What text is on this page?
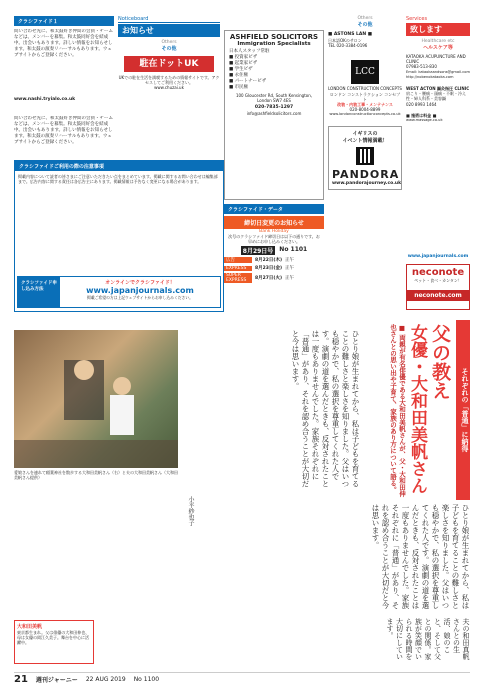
クラシファイド１
問い合わせ先に、和太鼓好き仲間の会員・チームなどは、メンバーを募集。和太鼓同好会を結成中。出会いもあります。詳しい情報をお知らせします。和太鼓の演奏リハーサルもあります。ウェブサイトからご登録ください。
www.nashi.tryialo.co.uk
問い合わせ先に、和太鼓好き仲間の会員・チームなどは、メンバーを募集。和太鼓同好会を結成中。出会いもあります。詳しい情報をお知らせします。和太鼓の演奏リハーサルもあります。ウェブサイトからご登録ください。
クラシファイドご利用の際の注意事項
掲載内容について読者の皆さまにご注意いただきたい点をまとめています。掲載に関するお問い合わせは編集部まで。広告内容に関する責任は各広告主にあります。掲載情報は予告なく変更になる場合があります。
クラシファイド申し込み方法
オンラインでクラシファイド！
www.japanjournals.com
掲載ご希望の方は上記ウェブサイトからお申し込みください。
Noticeboard
お知らせ
Others
その他
駐在ドットUK
UKでの駐在生活を満喫するための情報サイトです。アクセスしてご利用ください。
www.chuzai.uk
ASHFIELD SOLICITORS
Immigration Specialists
日本人スタッフ常駐
■ 投資家ビザ
■ 起業家ビザ
■ 学生ビザ
■ 永住権
■ パートナービザ
■ 市民権
100 Gloucester Rd, South Kensington, London SW7 4ES
020-7835-1297
info@ashfieldsolicitors.com
クラシファイド・データ
締切日変更のお知らせ
Bank Holiday
次号のクラシファイド締切日は以下の通りです。お早めにお申し込みください。
8月29日号	No 1101
広告	8月22日(木) 正午
EXPRESS	8月23日(金) 正午
SUPER EXPRESS	8月27日(火) 正午
Others
その他
■ ASTONS LAN ■
日本語OKのサロン
TEL 020-3384-0196
LCC
LONDON CONSTRUCTION CONCEPTS
ロンドン コンストラクション コンセプト
改装・内装工事・メンテナンス
020-8004-8899
www.londonconstructionconcepts.co.uk
イギリスの
イベント情報満載！
PANDORA
www.pandorajourney.co.uk
Services
致します
Healthcare etc
ヘルスケア等
KATAOKA ACUPUNCTURE AND CLINIC
07983-513-830
Email: kataokaandsons@gmail.com
http://nobenokataoka.com
WEST ACTON 鍼灸指圧 CLINIC
肩こり・腰痛・頭痛・不眠・冷え性・婦人科系・美容鍼
020 8993 1464
■ 施術は料金 ■
www.massage.co.uk
www.japanjournals.com
neconote
ペット・食べ・カンタン！
neconote.com
愛娘さんを連れて稲葉神社を散歩する大和田美帆さん（右）と夫の大和田美帆さん（大和田美帆さん提供）	ひとり娘が生まれてから、私は子どもを育てることの難しさと楽しさを知りました。父はいつも穏やかで、私の選択を尊重してくれた人です。演劇の道を選んだときも、反対されたことは一度もありませんでした。家族それぞれに「普通」があり、それを認め合うことが大切だと今は思います。
それぞれの「普通」に納得
父の教え
女優・大和田美帆さん
■ 両親が有名俳優である大和田美帆さんが、父・大和田伸也さんとの思い出や子育て、家族のあり方について語る。
ひとり娘が生まれてから、私は子どもを育てることの難しさと楽しさを知りました。父はいつも穏やかで、私の選択を尊重してくれた人です。演劇の道を選んだときも、反対されたことは一度もありませんでした。家族それぞれに「普通」があり、それを認め合うことが大切だと今は思います。
小平紗也子
大和田美帆
東京都生まれ。父は俳優の大和田伸也、母は女優の岡江久美子。舞台を中心に活躍中。	夫の和田真帆さんとの生活、娘のこと、そして父との関係。家族が笑顔でいられる時間を大切にしています。
21 週刊ジャーニー 22 AUG 2019 No 1100
